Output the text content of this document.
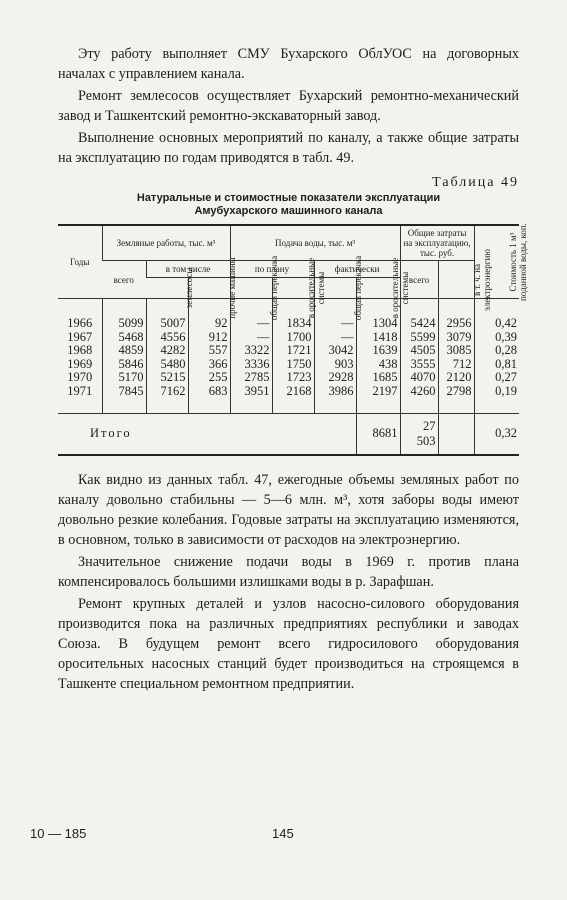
Эту работу выполняет СМУ Бухарского ОблУОС на договорных началах с управлением канала.

Ремонт землесосов осуществляет Бухарский ремонтно-механический завод и Ташкентский ремонтно-экскаваторный завод.

Выполнение основных мероприятий по каналу, а также общие затраты на эксплуатацию по годам приводятся в табл. 49.

Таблица 49
Натуральные и стоимостные показатели эксплуатации
Амубухарского машинного канала
Годы	Земляные работы, тыс. м³			Подача воды, тыс. м³				Общие затраты на эксплуатацию, тыс. руб.		Стоимость 1 м³ поданной воды, коп.
	всего	в том числе		по плану		фактически		всего	в т. ч. на электроэнергию	
		землесосы	прочие машины	общая перекачка	в оросительные системы	общая перекачка	в оросительные системы			
1966	5099	5007	92	—	1834	—	1304	5424	2956	0,42
1967	5468	4556	912	—	1700	—	1418	5599	3079	0,39
1968	4859	4282	557	3322	1721	3042	1639	4505	3085	0,28
1969	5846	5480	366	3336	1750	903	438	3555	712	0,81
1970	5170	5215	255	2785	1723	2928	1685	4070	2120	0,27
1971	7845	7162	683	3951	2168	3986	2197	4260	2798	0,19
Итого							8681	27 503		0,32

Как видно из данных табл. 47, ежегодные объемы земляных работ по каналу довольно стабильны — 5—6 млн. м³, хотя заборы воды имеют довольно резкие колебания. Годовые затраты на эксплуатацию изменяются, в основном, только в зависимости от расходов на электроэнергию.

Значительное снижение подачи воды в 1969 г. против плана компенсировалось большими излишками воды в р. Зарафшан.

Ремонт крупных деталей и узлов насосно-силового оборудования производится пока на различных предприятиях республики и заводах Союза. В будущем ремонт всего гидросилового оборудования оросительных насосных станций будет производиться на строящемся в Ташкенте специальном ремонтном предприятии.

10 — 185	145
